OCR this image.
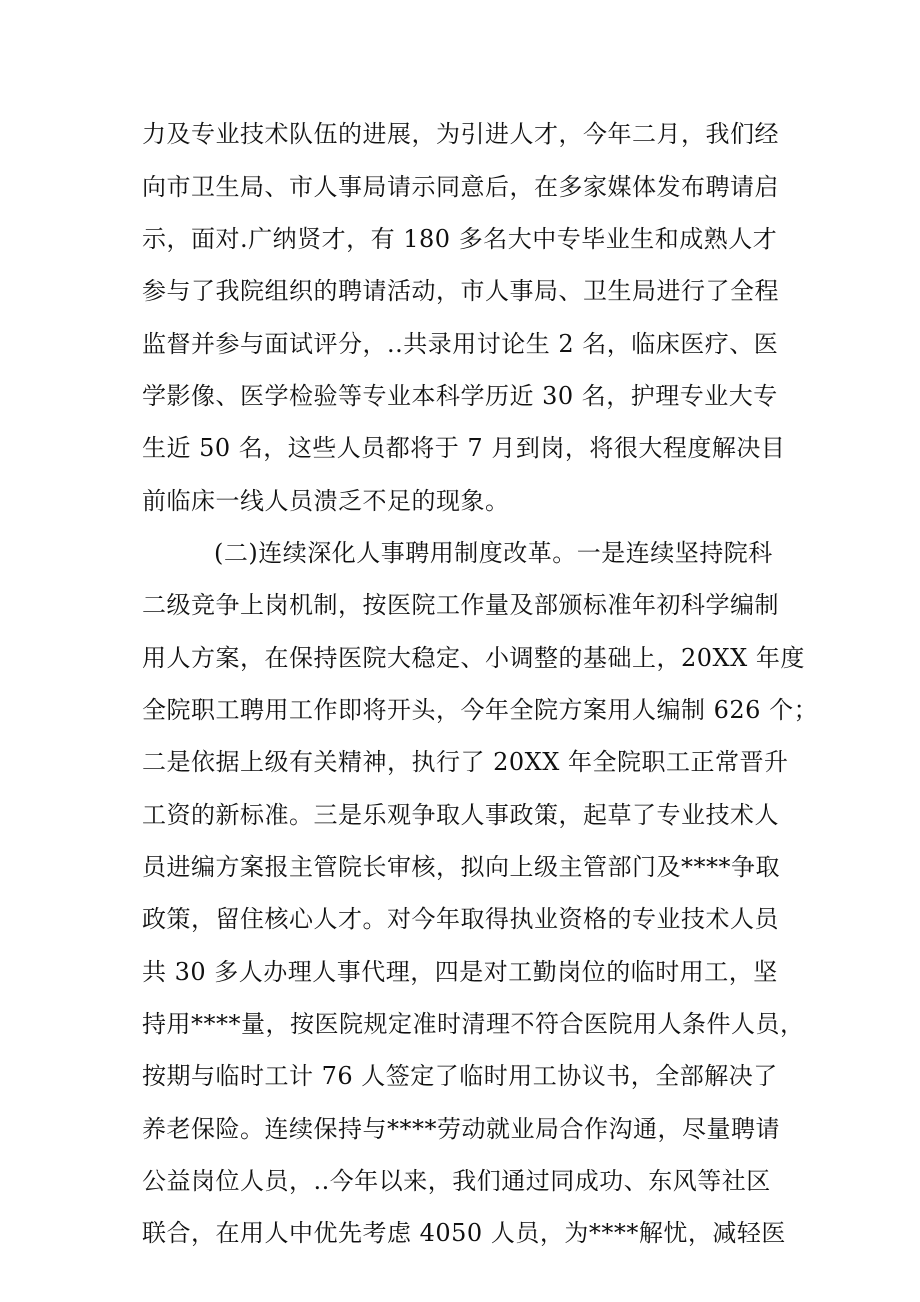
力及专业技术队伍的进展，为引进人才，今年二月，我们经
向市卫生局、市人事局请示同意后，在多家媒体发布聘请启
示，面对.广纳贤才，有 180 多名大中专毕业生和成熟人才
参与了我院组织的聘请活动，市人事局、卫生局进行了全程
监督并参与面试评分，..共录用讨论生 2 名，临床医疗、医
学影像、医学检验等专业本科学历近 30 名，护理专业大专
生近 50 名，这些人员都将于 7 月到岗，将很大程度解决目
前临床一线人员溃乏不足的现象。
(二)连续深化人事聘用制度改革。一是连续坚持院科
二级竞争上岗机制，按医院工作量及部颁标准年初科学编制
用人方案，在保持医院大稳定、小调整的基础上，20XX 年度
全院职工聘用工作即将开头，今年全院方案用人编制 626 个；
二是依据上级有关精神，执行了 20XX 年全院职工正常晋升
工资的新标准。三是乐观争取人事政策，起草了专业技术人
员进编方案报主管院长审核，拟向上级主管部门及****争取
政策，留住核心人才。对今年取得执业资格的专业技术人员
共 30 多人办理人事代理，四是对工勤岗位的临时用工，坚
持用****量，按医院规定准时清理不符合医院用人条件人员，
按期与临时工计 76 人签定了临时用工协议书，全部解决了
养老保险。连续保持与****劳动就业局合作沟通，尽量聘请
公益岗位人员，..今年以来，我们通过同成功、东风等社区
联合，在用人中优先考虑 4050 人员，为****解忧，减轻医
